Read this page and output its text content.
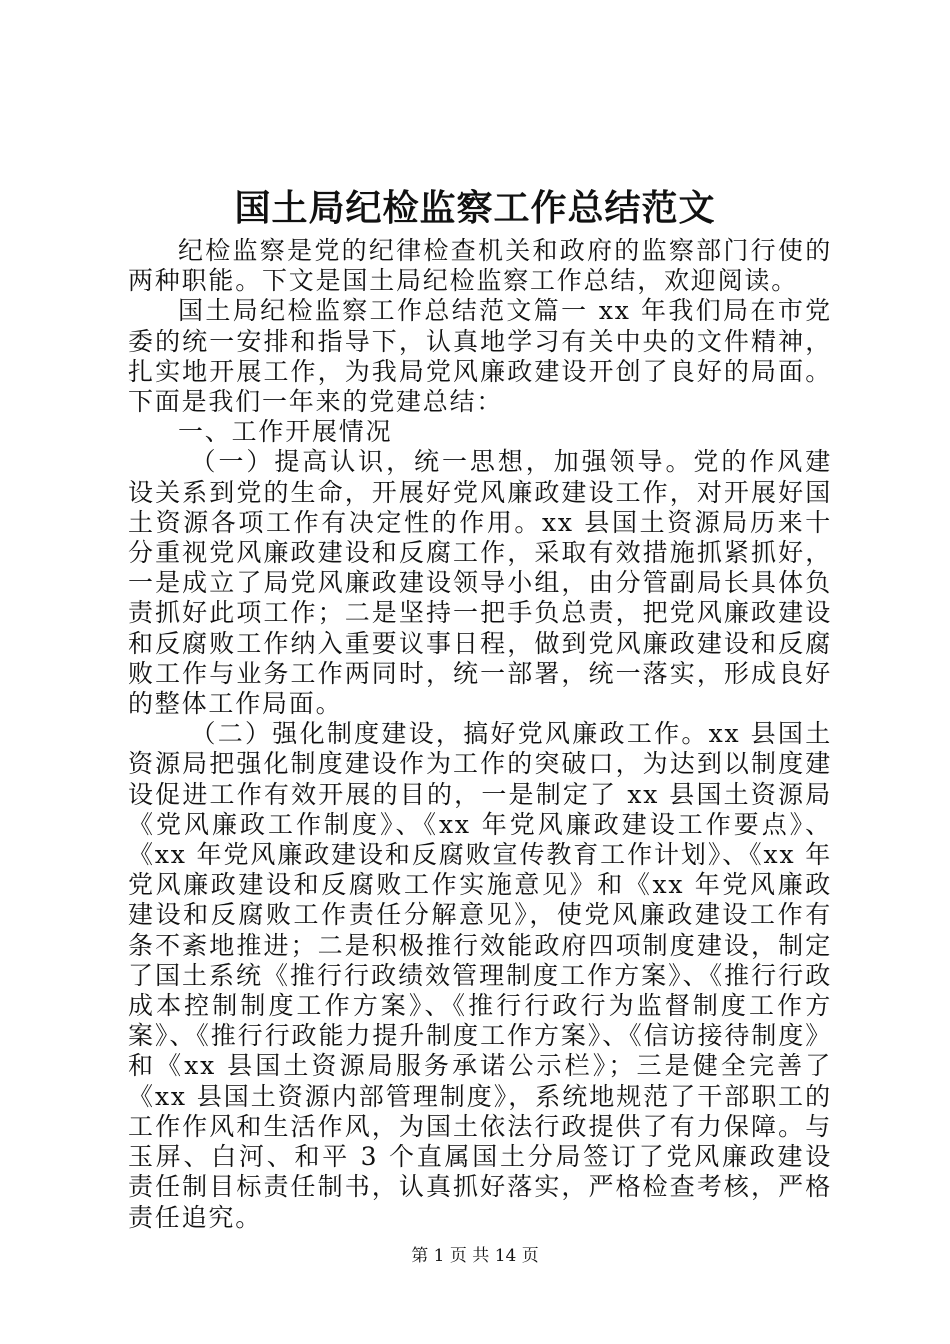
国土局纪检监察工作总结范文

纪检监察是党的纪律检查机关和政府的监察部门行使的两种职能。下文是国土局纪检监察工作总结，欢迎阅读。

国土局纪检监察工作总结范文篇一 xx 年我们局在市党委的统一安排和指导下，认真地学习有关中央的文件精神，扎实地开展工作，为我局党风廉政建设开创了良好的局面。下面是我们一年来的党建总结：

一、工作开展情况

（一）提高认识，统一思想，加强领导。党的作风建设关系到党的生命，开展好党风廉政建设工作，对开展好国土资源各项工作有决定性的作用。xx 县国土资源局历来十分重视党风廉政建设和反腐工作，采取有效措施抓紧抓好，一是成立了局党风廉政建设领导小组，由分管副局长具体负责抓好此项工作；二是坚持一把手负总责，把党风廉政建设和反腐败工作纳入重要议事日程，做到党风廉政建设和反腐败工作与业务工作两同时，统一部署，统一落实，形成良好的整体工作局面。

（二）强化制度建设，搞好党风廉政工作。xx 县国土资源局把强化制度建设作为工作的突破口，为达到以制度建设促进工作有效开展的目的，一是制定了 xx 县国土资源局《党风廉政工作制度》、《xx 年党风廉政建设工作要点》、《xx 年党风廉政建设和反腐败宣传教育工作计划》、《xx 年党风廉政建设和反腐败工作实施意见》和《xx 年党风廉政建设和反腐败工作责任分解意见》，使党风廉政建设工作有条不紊地推进；二是积极推行效能政府四项制度建设，制定了国土系统《推行行政绩效管理制度工作方案》、《推行行政成本控制制度工作方案》、《推行行政行为监督制度工作方案》、《推行行政能力提升制度工作方案》、《信访接待制度》和《xx 县国土资源局服务承诺公示栏》；三是健全完善了《xx 县国土资源内部管理制度》，系统地规范了干部职工的工作作风和生活作风，为国土依法行政提供了有力保障。与玉屏、白河、和平 3 个直属国土分局签订了党风廉政建设责任制目标责任制书，认真抓好落实，严格检查考核，严格责任追究。

第 1 页 共 14 页
